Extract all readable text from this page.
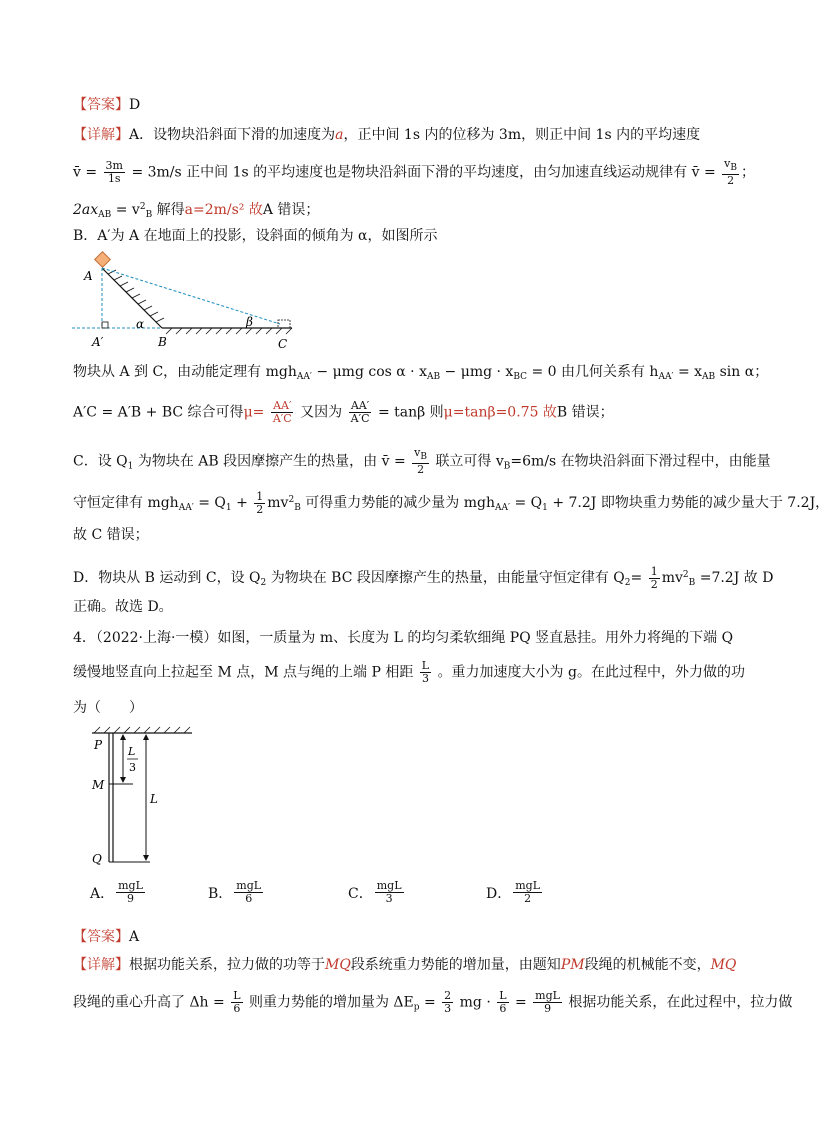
【答案】D
【详解】A．设物块沿斜面下滑的加速度为a，正中间 1s 内的位移为 3m，则正中间 1s 内的平均速度
v̄ = $\frac{3m}{1s} = 3m/s$ 正中间 1s 的平均速度也是物块沿斜面下滑的平均速度，由匀加速直线运动规律有 v̄ = $\frac{v_B}{2}$ ；
$2ax_{AB} = v^2_B$ 解得a=2m/s² 故A 错误；
B．A′为 A 在地面上的投影，设斜面的倾角为 α，如图所示
A
A′	B	C
α	β
物块从 A 到 C，由动能定理有 mgh$_{AA'}$ − μmg $\cos \alpha \cdot x_{AB} - \mu mg \cdot x_{BC} = 0$ 由几何关系有 $h_{AA'} = x_{AB}$ sin α；
A′C = A′B + BC 综合可得$\mu= \frac{AA'}{A'C}$ 又因为 $\frac{AA'}{A'C} = \tan\beta$ 则μ=tanβ=0.75 故B 错误；
C．设 $Q_1$ 为物块在 AB 段因摩擦产生的热量，由 v̄ = $\frac{v_B}{2}$ 联立可得 $v_B=6m/s$ 在物块沿斜面下滑过程中，由能量
守恒定律有 $mgh_{AA'} = Q_1 + \frac{1}{2} mv^2_B$ 可得重力势能的减少量为 $mgh_{AA'} = Q_1 + 7.2J$ 即物块重力势能的减少量大于 7.2J，
故 C 错误；
D．物块从 B 运动到 C，设 $Q_2$ 为物块在 BC 段因摩擦产生的热量，由能量守恒定律有 $Q_2= \frac{1}{2} mv^2_B =7.2J$ 故 D
正确。故选 D。
4．（2022·上海·一模）如图，一质量为 m、长度为 L 的均匀柔软细绳 PQ 竖直悬挂。用外力将绳的下端 Q
缓慢地竖直向上拉起至 M 点，M 点与绳的上端 P 相距 $\frac{L}{3}$ 。重力加速度大小为 g。在此过程中，外力做的功
为（　　）
P
M
Q
L
L
3
A． $\frac{\text{mgL}}{9}$	B． $\frac{\text{mgL}}{6}$	C． $\frac{\text{mgL}}{3}$	D． $\frac{\text{mgL}}{2}$
【答案】A
【详解】根据功能关系，拉力做的功等于MQ段系统重力势能的增加量，由题知PM段绳的机械能不变，MQ
段绳的重心升高了 $\Delta h = \frac{L}{6}$ 则重力势能的增加量为 $\Delta E_p = \frac{2}{3}$ mg · $\frac{L}{6} = \frac{\text{mgL}}{9}$ 根据功能关系，在此过程中，拉力做
